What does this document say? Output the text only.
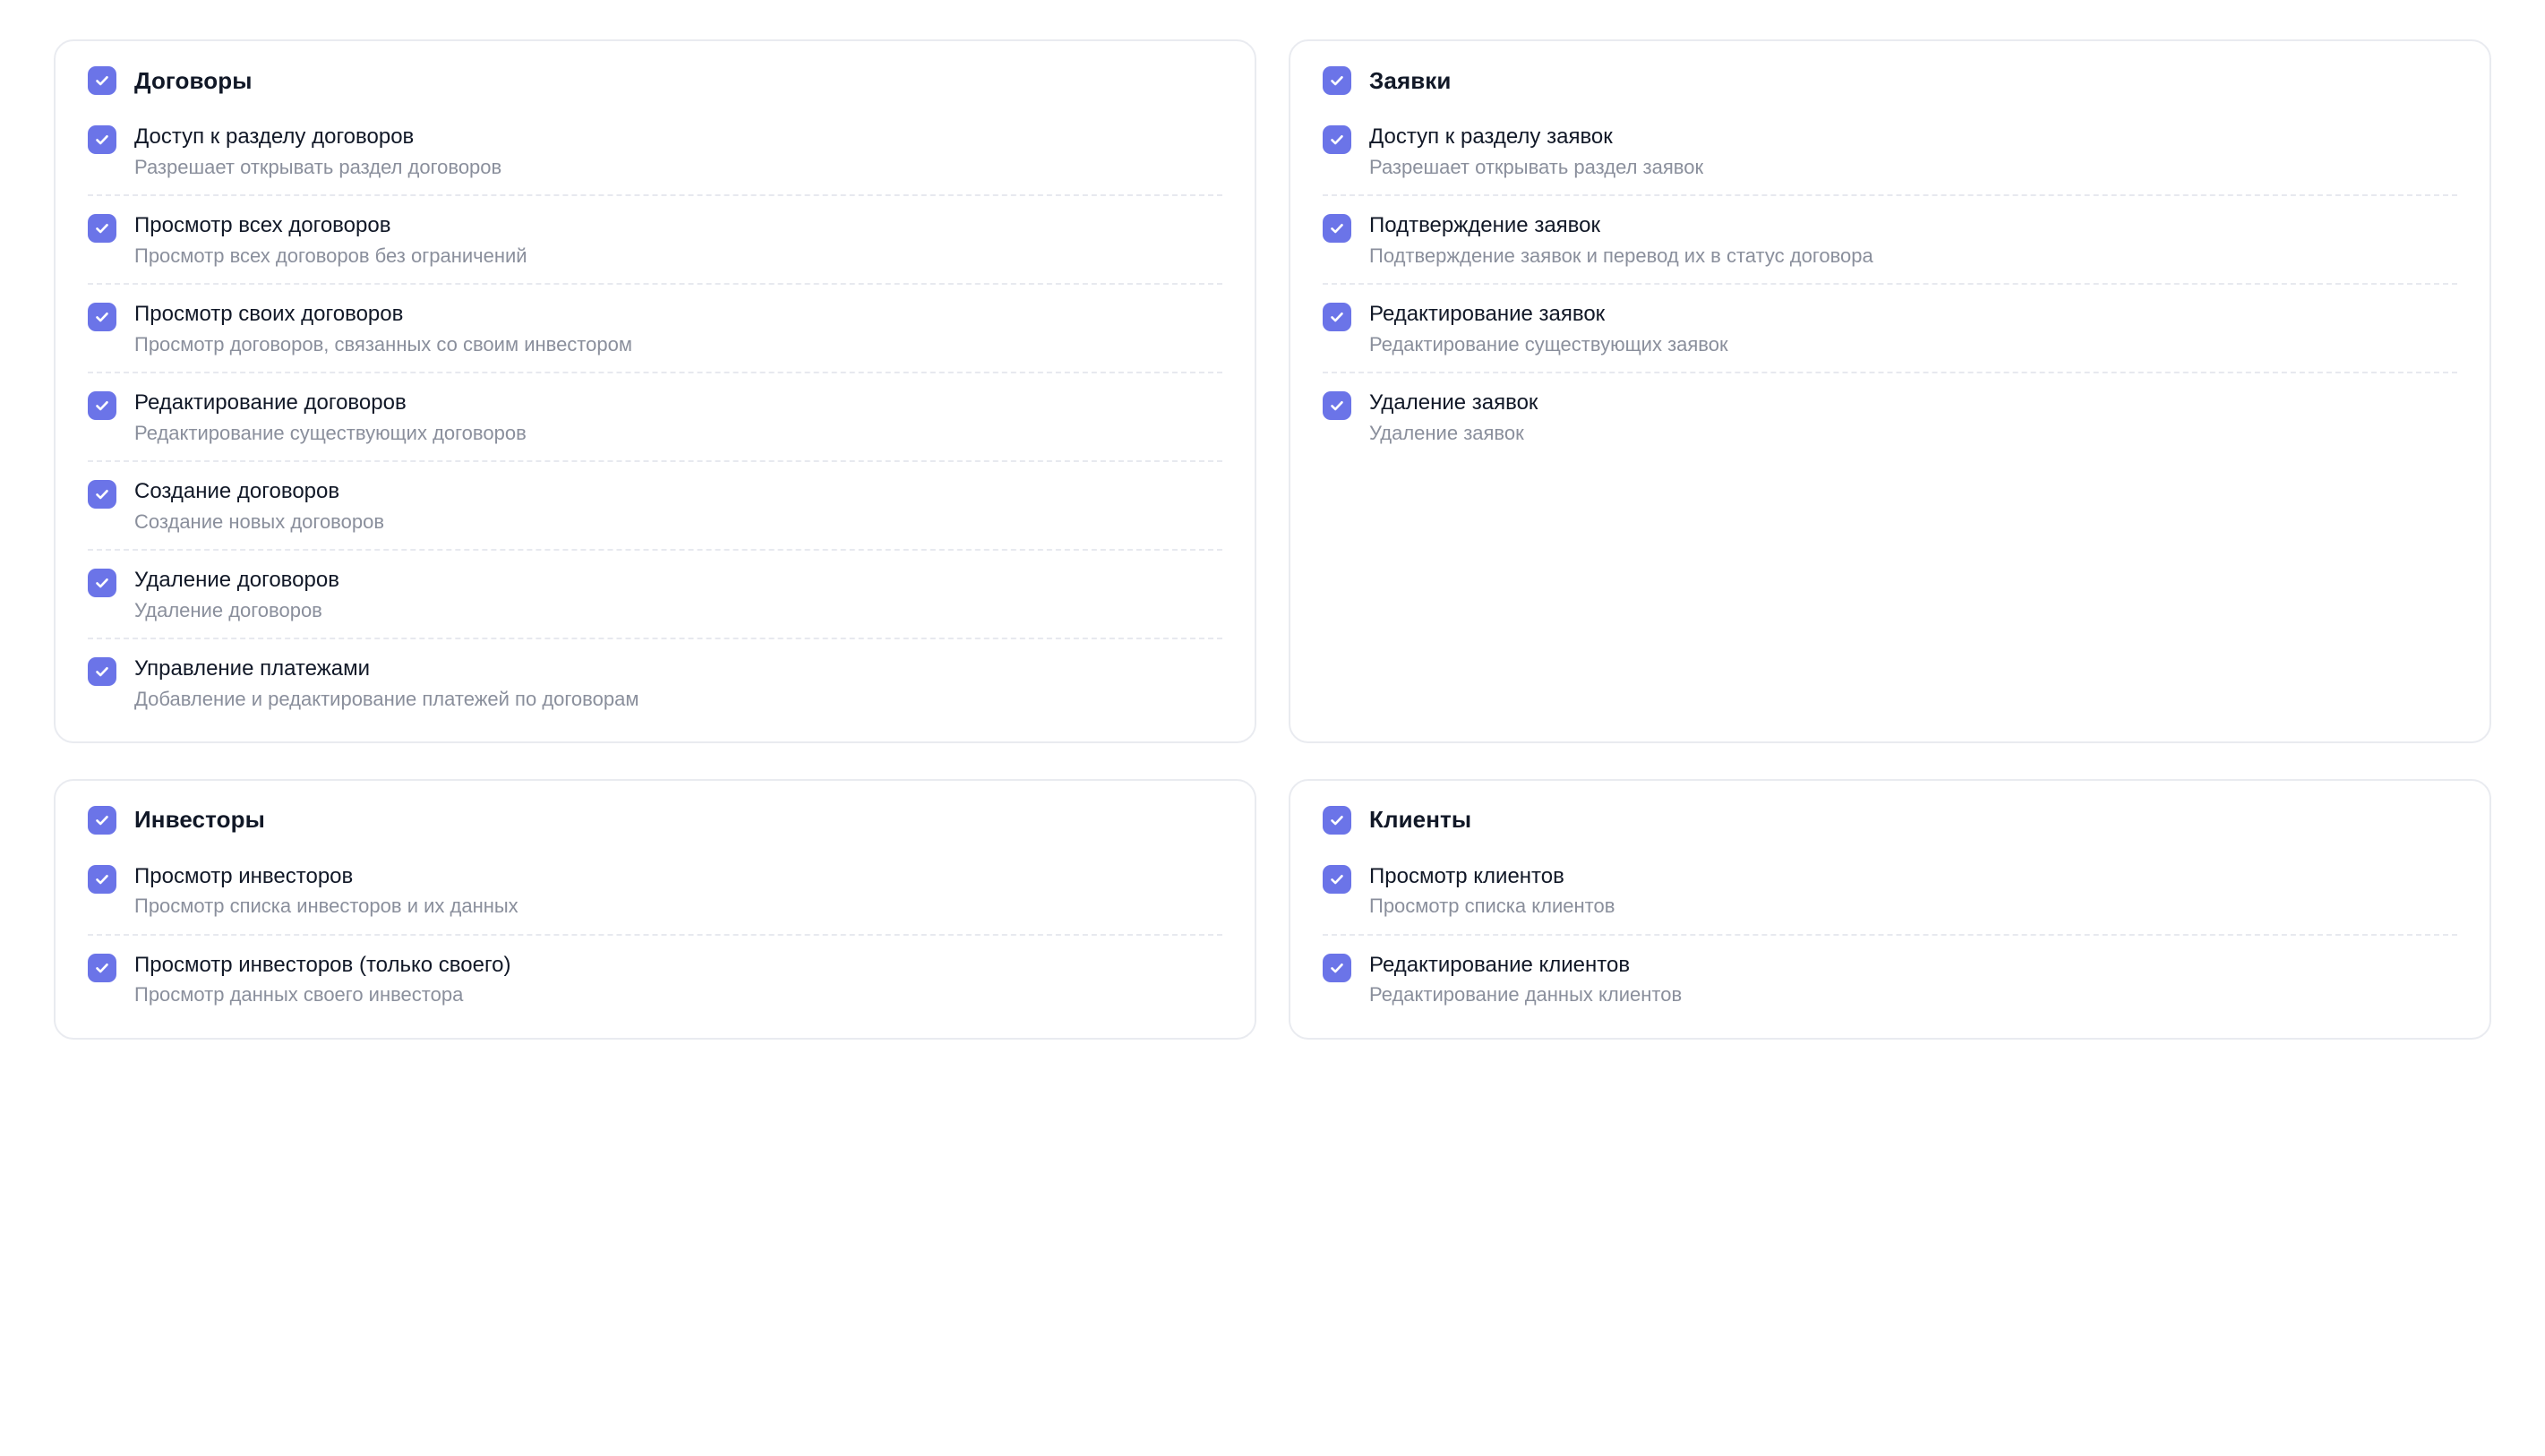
Договоры
Доступ к разделу договоров
Разрешает открывать раздел договоров
Просмотр всех договоров
Просмотр всех договоров без ограничений
Просмотр своих договоров
Просмотр договоров, связанных со своим инвестором
Редактирование договоров
Редактирование существующих договоров
Создание договоров
Создание новых договоров
Удаление договоров
Удаление договоров
Управление платежами
Добавление и редактирование платежей по договорам
Заявки
Доступ к разделу заявок
Разрешает открывать раздел заявок
Подтверждение заявок
Подтверждение заявок и перевод их в статус договора
Редактирование заявок
Редактирование существующих заявок
Удаление заявок
Удаление заявок
Инвесторы
Просмотр инвесторов
Просмотр списка инвесторов и их данных
Просмотр инвесторов (только своего)
Просмотр данных своего инвестора
Клиенты
Просмотр клиентов
Просмотр списка клиентов
Редактирование клиентов
Редактирование данных клиентов
